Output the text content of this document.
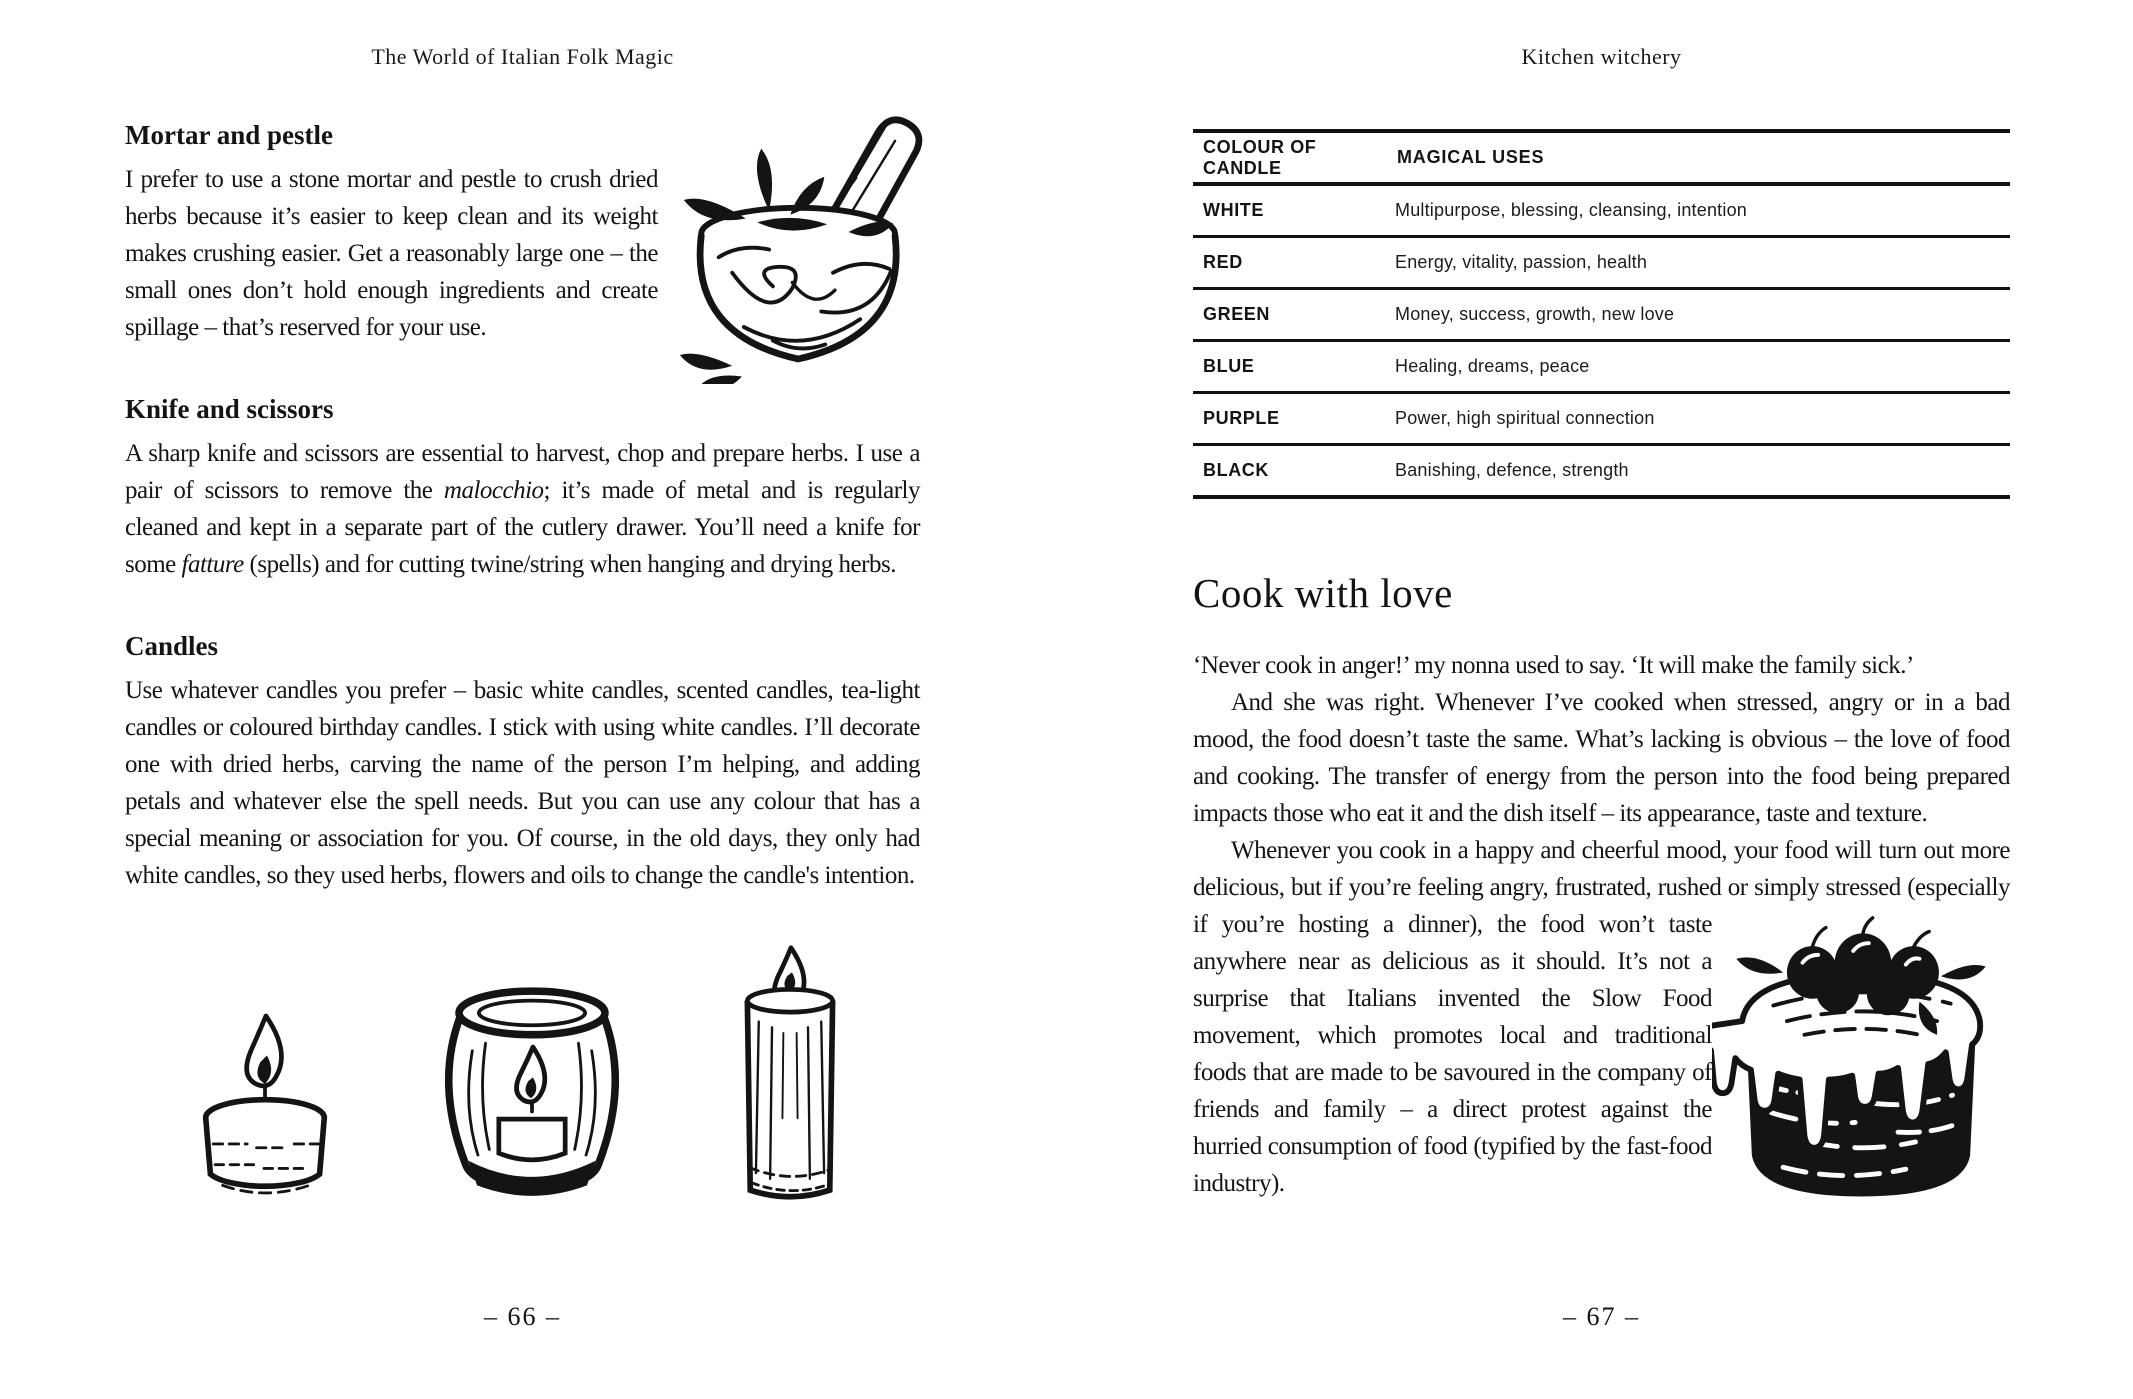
The World of Italian Folk Magic
Mortar and pestle

I prefer to use a stone mortar and pestle to crush dried herbs because it’s easier to keep clean and its weight makes crushing easier. Get a reasonably large one – the small ones don’t hold enough ingredients and create spillage – that’s reserved for your use.

Knife and scissors

A sharp knife and scissors are essential to harvest, chop and prepare herbs. I use a pair of scissors to remove the malocchio; it’s made of metal and is regularly cleaned and kept in a separate part of the cutlery drawer. You’ll need a knife for some fatture (spells) and for cutting twine/string when hanging and drying herbs.

Candles

Use whatever candles you prefer – basic white candles, scented candles, tea-light candles or coloured birthday candles. I stick with using white candles. I’ll decorate one with dried herbs, carving the name of the person I’m helping, and adding petals and whatever else the spell needs. But you can use any colour that has a special meaning or association for you. Of course, in the old days, they only had white candles, so they used herbs, flowers and oils to change the candle's intention.

– 66 –
Kitchen witchery
COLOUR OF CANDLE	MAGICAL USES
WHITE	Multipurpose, blessing, cleansing, intention
RED	Energy, vitality, passion, health
GREEN	Money, success, growth, new love
BLUE	Healing, dreams, peace
PURPLE	Power, high spiritual connection
BLACK	Banishing, defence, strength
Cook with love

‘Never cook in anger!’ my nonna used to say. ‘It will make the family sick.’

And she was right. Whenever I’ve cooked when stressed, angry or in a bad mood, the food doesn’t taste the same. What’s lacking is obvious – the love of food and cooking. The transfer of energy from the person into the food being prepared impacts those who eat it and the dish itself – its appearance, taste and texture.

Whenever you cook in a happy and cheerful mood, your food will turn out more delicious, but if you’re feeling angry, frustrated, rushed or simply stressed (especially if you’re hosting a dinner), the food won’t taste anywhere near as delicious as it should. It’s not a surprise that Italians invented the Slow Food movement, which promotes local and traditional foods that are made to be savoured in the company of friends and family – a direct protest against the hurried consumption of food (typified by the fast-food industry).

– 67 –
